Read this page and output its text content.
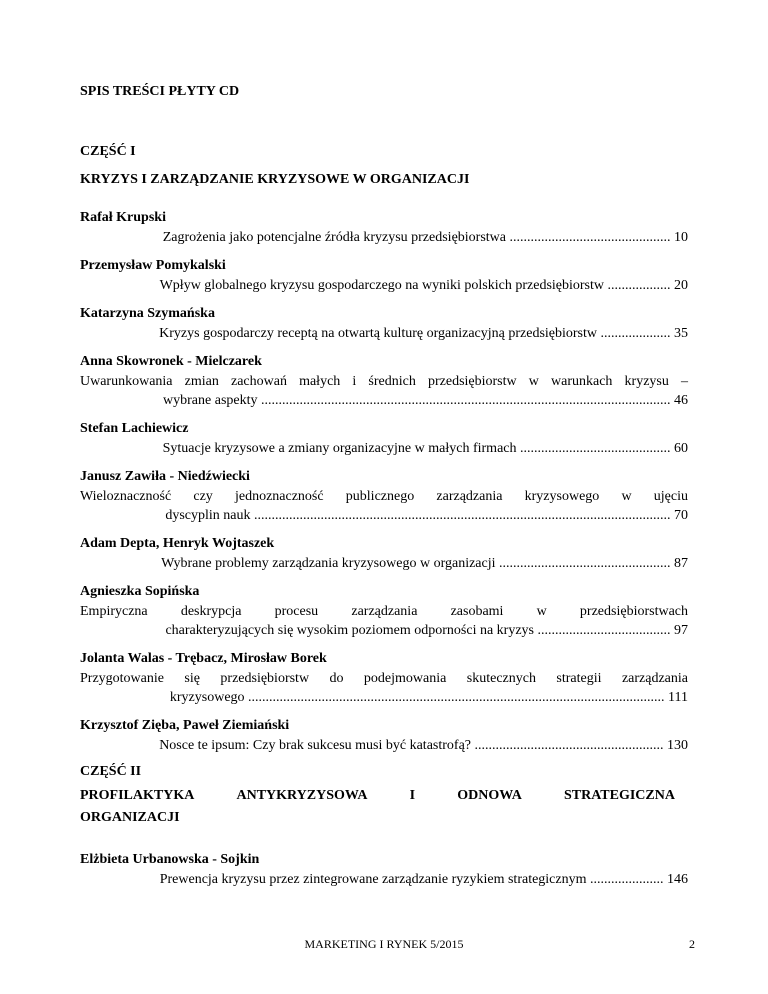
SPIS TREŚCI PŁYTY CD

CZĘŚĆ I

KRYZYS I ZARZĄDZANIE KRYZYSOWE W ORGANIZACJI

Rafał Krupski

Zagrożenia jako potencjalne źródła kryzysu przedsiębiorstwa .............................................. 10

Przemysław Pomykalski

Wpływ globalnego kryzysu gospodarczego na wyniki polskich przedsiębiorstw .................. 20

Katarzyna Szymańska

Kryzys gospodarczy receptą na otwartą kulturę organizacyjną przedsiębiorstw .................... 35

Anna Skowronek - Mielczarek

Uwarunkowania zmian zachowań małych i średnich przedsiębiorstw w warunkach kryzysu –

wybrane aspekty ..................................................................................................................... 46

Stefan Lachiewicz

Sytuacje kryzysowe a zmiany organizacyjne w małych firmach ........................................... 60

Janusz Zawiła - Niedźwiecki

Wieloznaczność czy jednoznaczność publicznego zarządzania kryzysowego w ujęciu

dyscyplin nauk ....................................................................................................................... 70

Adam Depta, Henryk Wojtaszek

Wybrane problemy zarządzania kryzysowego w organizacji ................................................. 87

Agnieszka Sopińska

Empiryczna deskrypcja procesu zarządzania zasobami w przedsiębiorstwach

charakteryzujących się wysokim poziomem odporności na kryzys ...................................... 97

Jolanta Walas - Trębacz, Mirosław Borek

Przygotowanie się przedsiębiorstw do podejmowania skutecznych strategii zarządzania

kryzysowego ....................................................................................................................... 111

Krzysztof Zięba, Paweł Ziemiański

Nosce te ipsum: Czy brak sukcesu musi być katastrofą? ...................................................... 130

CZĘŚĆ II

PROFILAKTYKA	ANTYKRYZYSOWA	I	ODNOWA	STRATEGICZNA
ORGANIZACJI

Elżbieta Urbanowska - Sojkin

Prewencja kryzysu przez zintegrowane zarządzanie ryzykiem strategicznym ..................... 146

MARKETING I RYNEK 5/2015	2
